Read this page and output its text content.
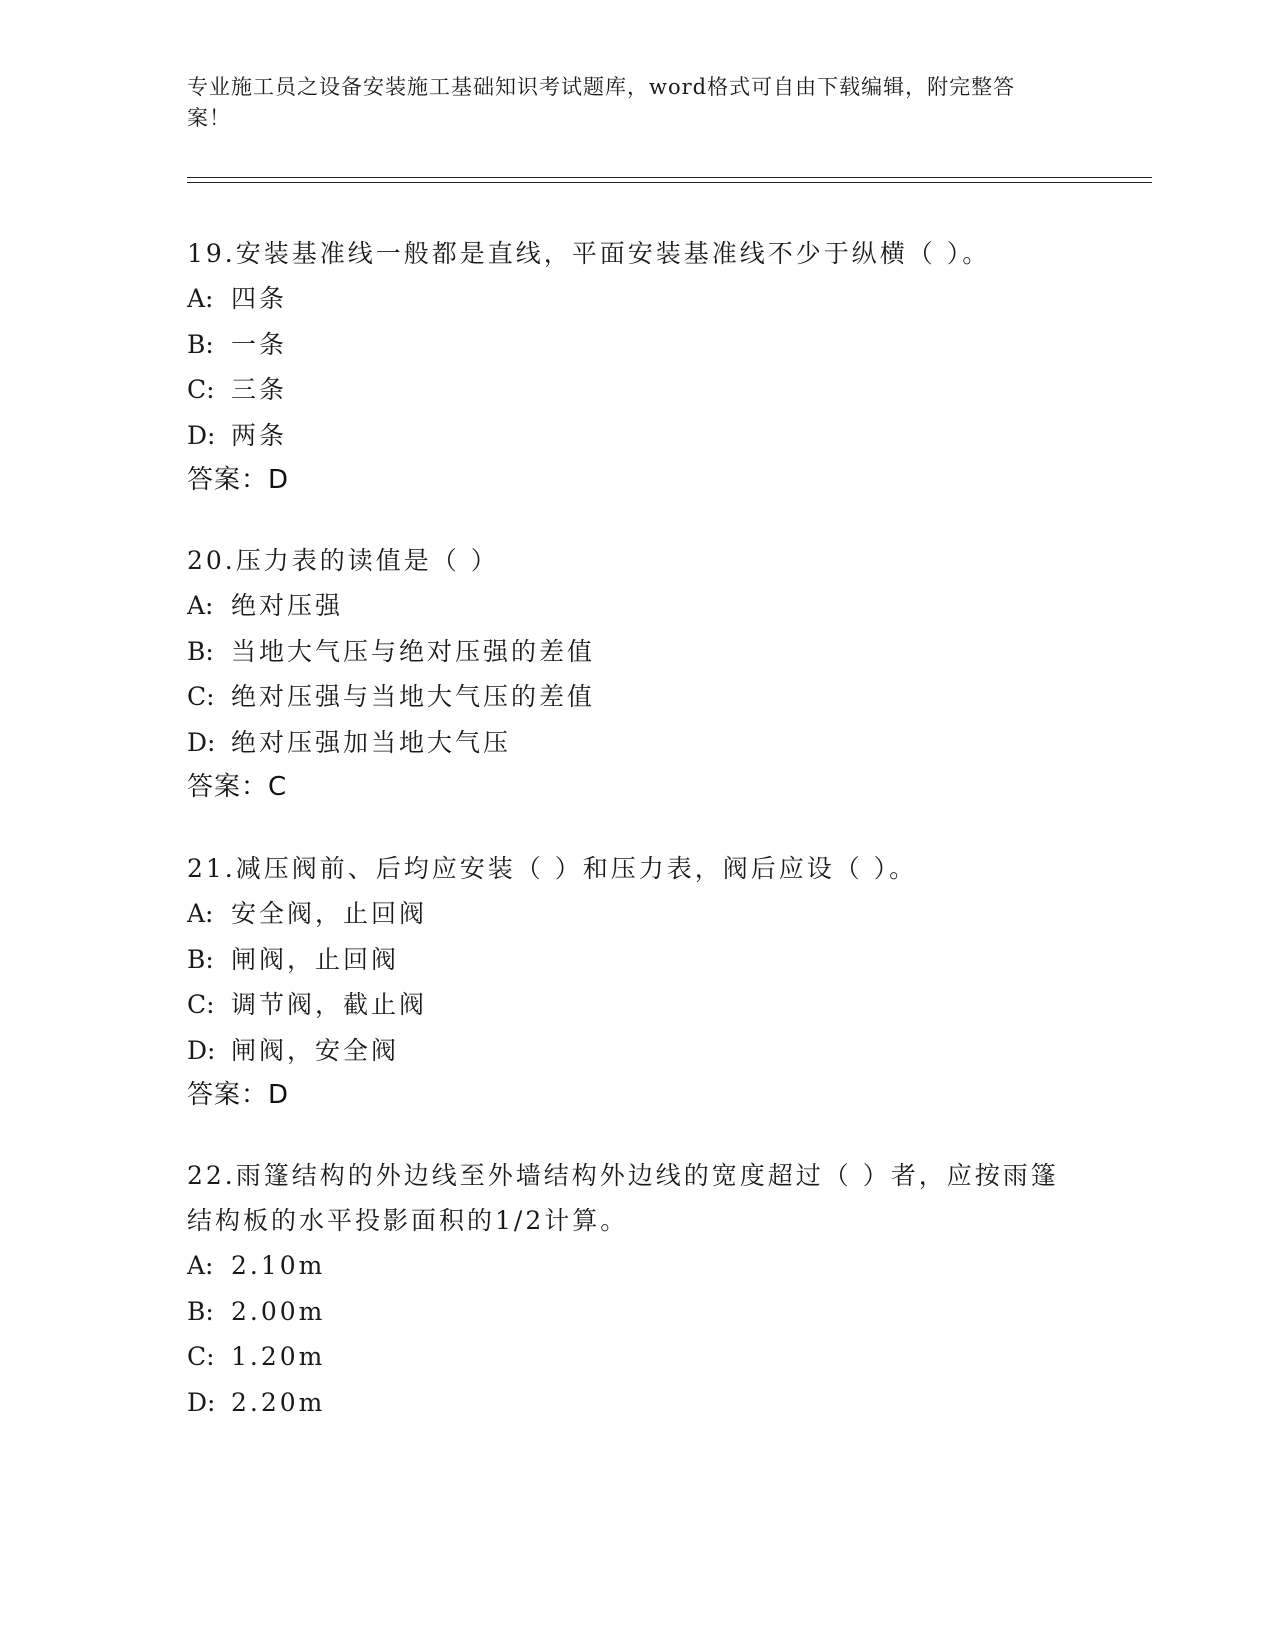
专业施工员之设备安装施工基础知识考试题库，word格式可自由下载编辑，附完整答案！

19.安装基准线一般都是直线，平面安装基准线不少于纵横（ ）。

A: 四条

B: 一条

C: 三条

D: 两条

答案：D

20.压力表的读值是（ ）

A: 绝对压强

B: 当地大气压与绝对压强的差值

C: 绝对压强与当地大气压的差值

D: 绝对压强加当地大气压

答案：C

21.减压阀前、后均应安装（ ）和压力表，阀后应设（ ）。

A: 安全阀，止回阀

B: 闸阀，止回阀

C: 调节阀，截止阀

D: 闸阀，安全阀

答案：D

22.雨篷结构的外边线至外墙结构外边线的宽度超过（ ）者，应按雨篷结构板的水平投影面积的1/2计算。

A: 2.10m

B: 2.00m

C: 1.20m

D: 2.20m
